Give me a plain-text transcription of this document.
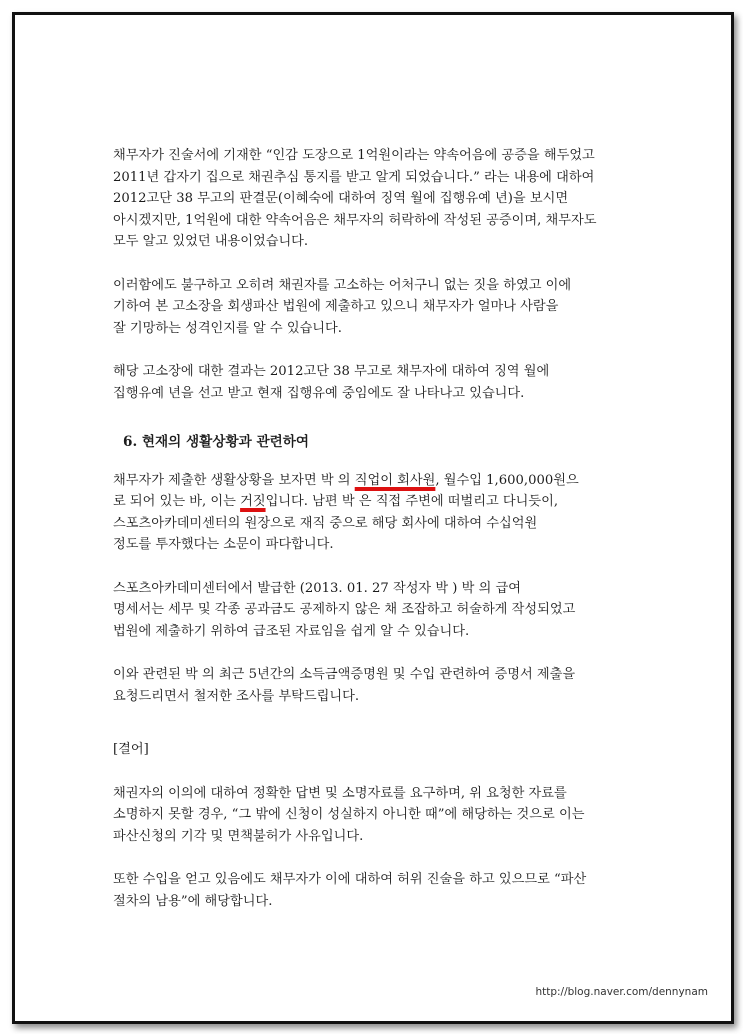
채무자가 진술서에 기재한 “인감 도장으로 1억원이라는 약속어음에 공증을 해두었고

2011년 갑자기 집으로 채권추심 통지를 받고 알게 되었습니다.” 라는 내용에 대하여

2012고단 38 무고의 판결문(이혜숙에 대하여 징역 월에 집행유예 년)을 보시면

아시겠지만, 1억원에 대한 약속어음은 채무자의 허락하에 작성된 공증이며, 채무자도

모두 알고 있었던 내용이었습니다.

이러함에도 불구하고 오히려 채권자를 고소하는 어처구니 없는 짓을 하였고 이에

기하여 본 고소장을 회생파산 법원에 제출하고 있으니 채무자가 얼마나 사람을

잘 기망하는 성격인지를 알 수 있습니다.

해당 고소장에 대한 결과는 2012고단 38 무고로 채무자에 대하여 징역 월에

집행유예 년을 선고 받고 현재 집행유예 중임에도 잘 나타나고 있습니다.

6. 현재의 생활상황과 관련하여

채무자가 제출한 생활상황을 보자면 박 의 직업이 회사원, 월수입 1,600,000원으

로 되어 있는 바, 이는 거짓입니다. 남편 박 은 직접 주변에 떠벌리고 다니듯이,

스포츠아카데미센터의 원장으로 재직 중으로 해당 회사에 대하여 수십억원

정도를 투자했다는 소문이 파다합니다.

스포츠아카데미센터에서 발급한 (2013. 01. 27 작성자 박 ) 박 의 급여

명세서는 세무 및 각종 공과금도 공제하지 않은 채 조잡하고 허술하게 작성되었고

법원에 제출하기 위하여 급조된 자료임을 쉽게 알 수 있습니다.

이와 관련된 박 의 최근 5년간의 소득금액증명원 및 수입 관련하여 증명서 제출을

요청드리면서 철저한 조사를 부탁드립니다.

[결어]

채권자의 이의에 대하여 정확한 답변 및 소명자료를 요구하며, 위 요청한 자료를

소명하지 못할 경우, “그 밖에 신청이 성실하지 아니한 때”에 해당하는 것으로 이는

파산신청의 기각 및 면책불허가 사유입니다.

또한 수입을 얻고 있음에도 채무자가 이에 대하여 허위 진술을 하고 있으므로 “파산

절차의 남용”에 해당합니다.

http://blog.naver.com/dennynam
